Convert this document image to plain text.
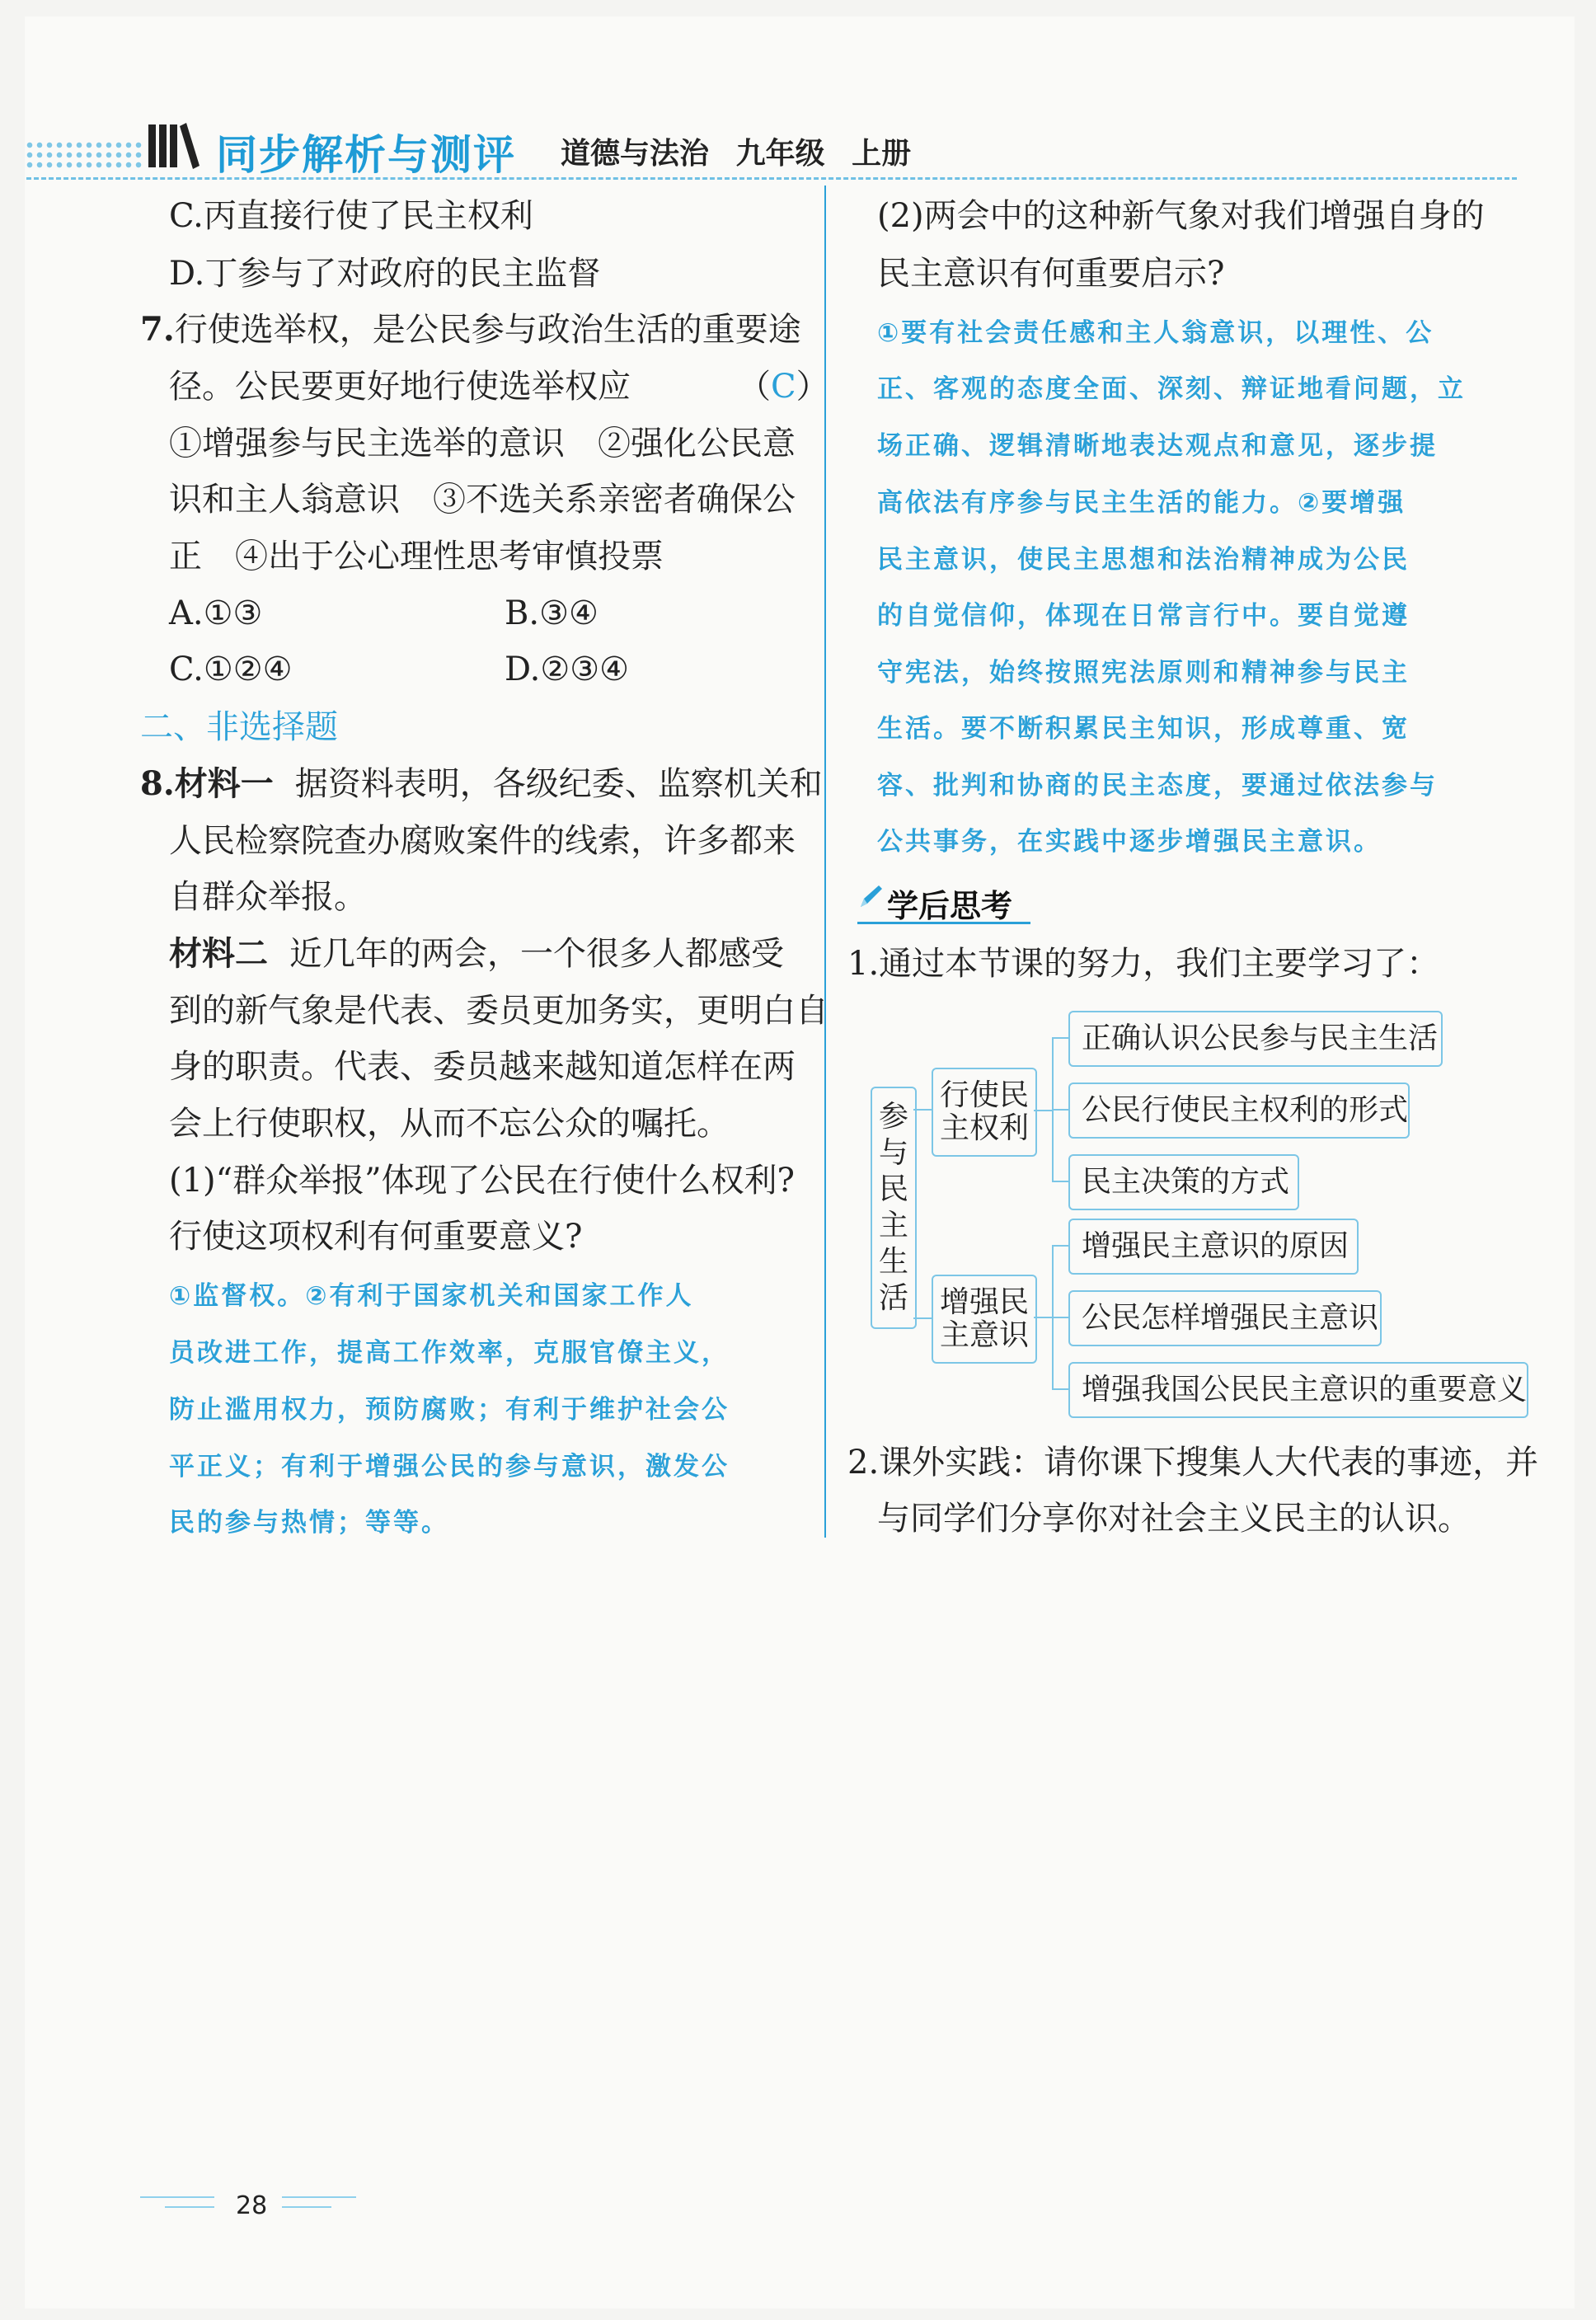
同步解析与测评 道德与法治 九年级 上册
C.丙直接行使了民主权利
D.丁参与了对政府的民主监督
7.行使选举权，是公民参与政治生活的重要途
径。公民要更好地行使选举权应	（C）
①增强参与民主选举的意识　②强化公民意
识和主人翁意识　③不选关系亲密者确保公
正　④出于公心理性思考审慎投票
A.①③	B.③④
C.①②④	D.②③④
二、非选择题
8.材料一 据资料表明，各级纪委、监察机关和
人民检察院查办腐败案件的线索，许多都来
自群众举报。
材料二 近几年的两会，一个很多人都感受
到的新气象是代表、委员更加务实，更明白自
身的职责。代表、委员越来越知道怎样在两
会上行使职权，从而不忘公众的嘱托。
(1)“群众举报”体现了公民在行使什么权利?
行使这项权利有何重要意义?
①监督权。②有利于国家机关和国家工作人
员改进工作，提高工作效率，克服官僚主义，
防止滥用权力，预防腐败；有利于维护社会公
平正义；有利于增强公民的参与意识，激发公
民的参与热情；等等。
(2)两会中的这种新气象对我们增强自身的
民主意识有何重要启示?
①要有社会责任感和主人翁意识，以理性、公
正、客观的态度全面、深刻、辩证地看问题，立
场正确、逻辑清晰地表达观点和意见，逐步提
高依法有序参与民主生活的能力。②要增强
民主意识，使民主思想和法治精神成为公民
的自觉信仰，体现在日常言行中。要自觉遵
守宪法，始终按照宪法原则和精神参与民主
生活。要不断积累民主知识，形成尊重、宽
容、批判和协商的民主态度，要通过依法参与
公共事务，在实践中逐步增强民主意识。
学后思考
1.通过本节课的努力，我们主要学习了：
参
与
民
主
生
活
行使民
主权利
增强民
主意识
正确认识公民参与民主生活
公民行使民主权利的形式
民主决策的方式
增强民主意识的原因
公民怎样增强民主意识
增强我国公民民主意识的重要意义
2.课外实践：请你课下搜集人大代表的事迹，并
与同学们分享你对社会主义民主的认识。
28
